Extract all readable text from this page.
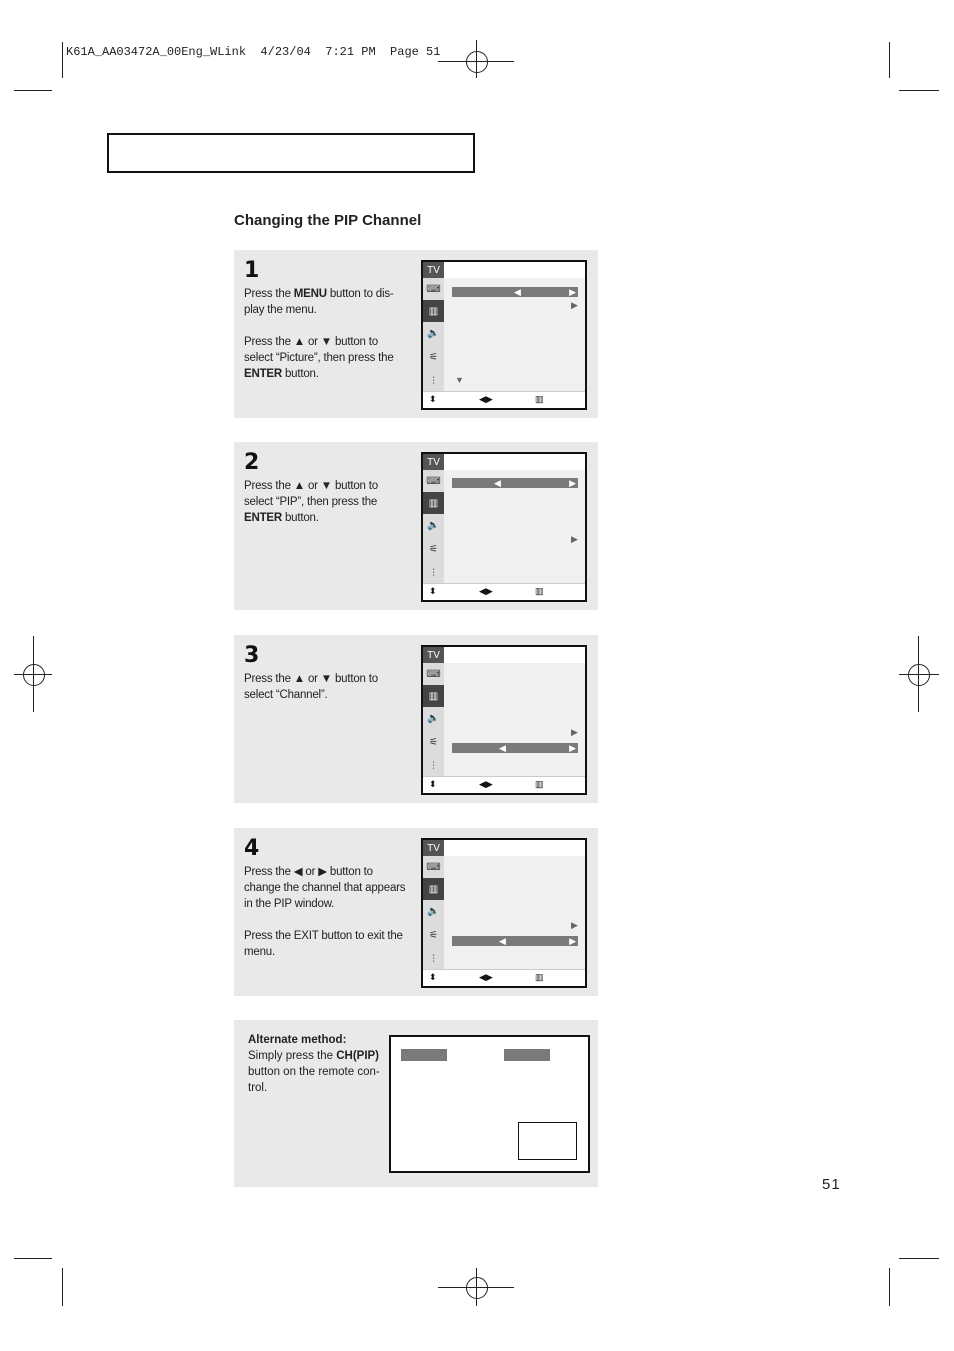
K61A_AA03472A_00Eng_WLink  4/23/04  7:21 PM  Page 51
Changing the PIP Channel
1

Press the MENU button to dis-play the menu.

Press the ▲ or ▼ button to select “Picture”, then press the ENTER button.

TV
⌨
▥
🔈
⚟
⫶
◀	▶
▶
▼
⬍	◀▶	▥
2

Press the ▲ or ▼ button to select “PIP”, then press the ENTER button.

TV
⌨
▥
🔈
⚟
⫶
◀	▶
▶
⬍	◀▶	▥
3

Press the ▲ or ▼ button to select “Channel”.

TV
⌨
▥
🔈
⚟
⫶
▶
◀	▶
⬍	◀▶	▥
4

Press the ◀ or ▶ button to change the channel that appears in the PIP window.

Press the EXIT button to exit the menu.

TV
⌨
▥
🔈
⚟
⫶
▶
◀	▶
⬍	◀▶	▥
Alternate method:
Simply press the CH(PIP) button on the remote con-trol.
51
